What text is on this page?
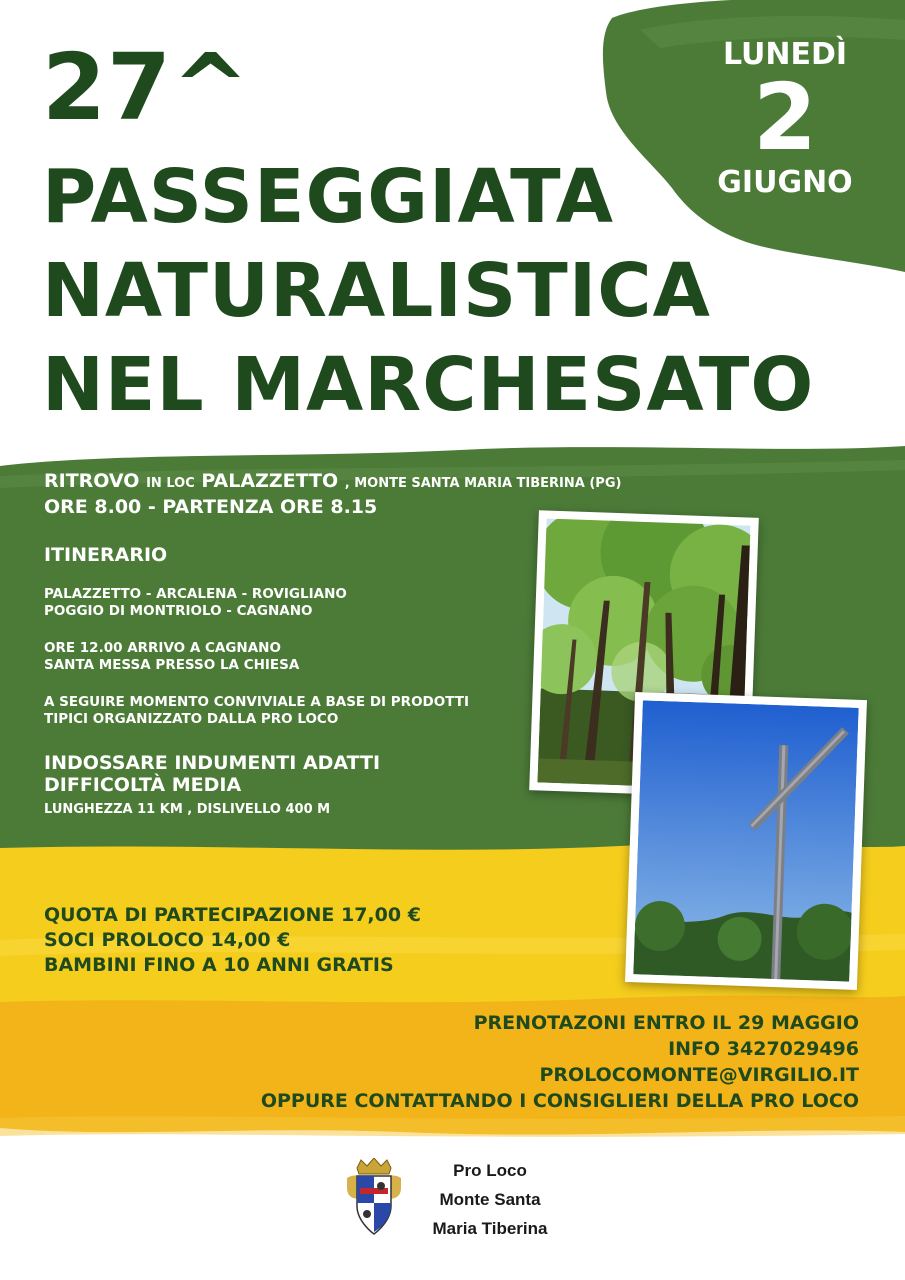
27^
PASSEGGIATA
NATURALISTICA
NEL MARCHESATO
LUNEDÌ
2
GIUGNO
RITROVO IN LOC PALAZZETTO , MONTE SANTA MARIA TIBERINA (PG)
ORE 8.00 - PARTENZA ORE 8.15
ITINERARIO
PALAZZETTO - ARCALENA - ROVIGLIANO
POGGIO DI MONTRIOLO - CAGNANO
ORE 12.00 ARRIVO A CAGNANO
SANTA MESSA PRESSO LA CHIESA
A SEGUIRE MOMENTO CONVIVIALE A BASE DI PRODOTTI
TIPICI ORGANIZZATO DALLA PRO LOCO
INDOSSARE INDUMENTI ADATTI
DIFFICOLTÀ MEDIA
LUNGHEZZA 11 KM , DISLIVELLO 400 M
QUOTA DI PARTECIPAZIONE 17,00 €
SOCI PROLOCO 14,00 €
BAMBINI FINO A 10 ANNI GRATIS
PRENOTAZONI ENTRO IL 29 MAGGIO
INFO 3427029496
PROLOCOMONTE@VIRGILIO.IT
OPPURE CONTATTANDO I CONSIGLIERI DELLA PRO LOCO
Pro Loco
Monte Santa
Maria Tiberina
